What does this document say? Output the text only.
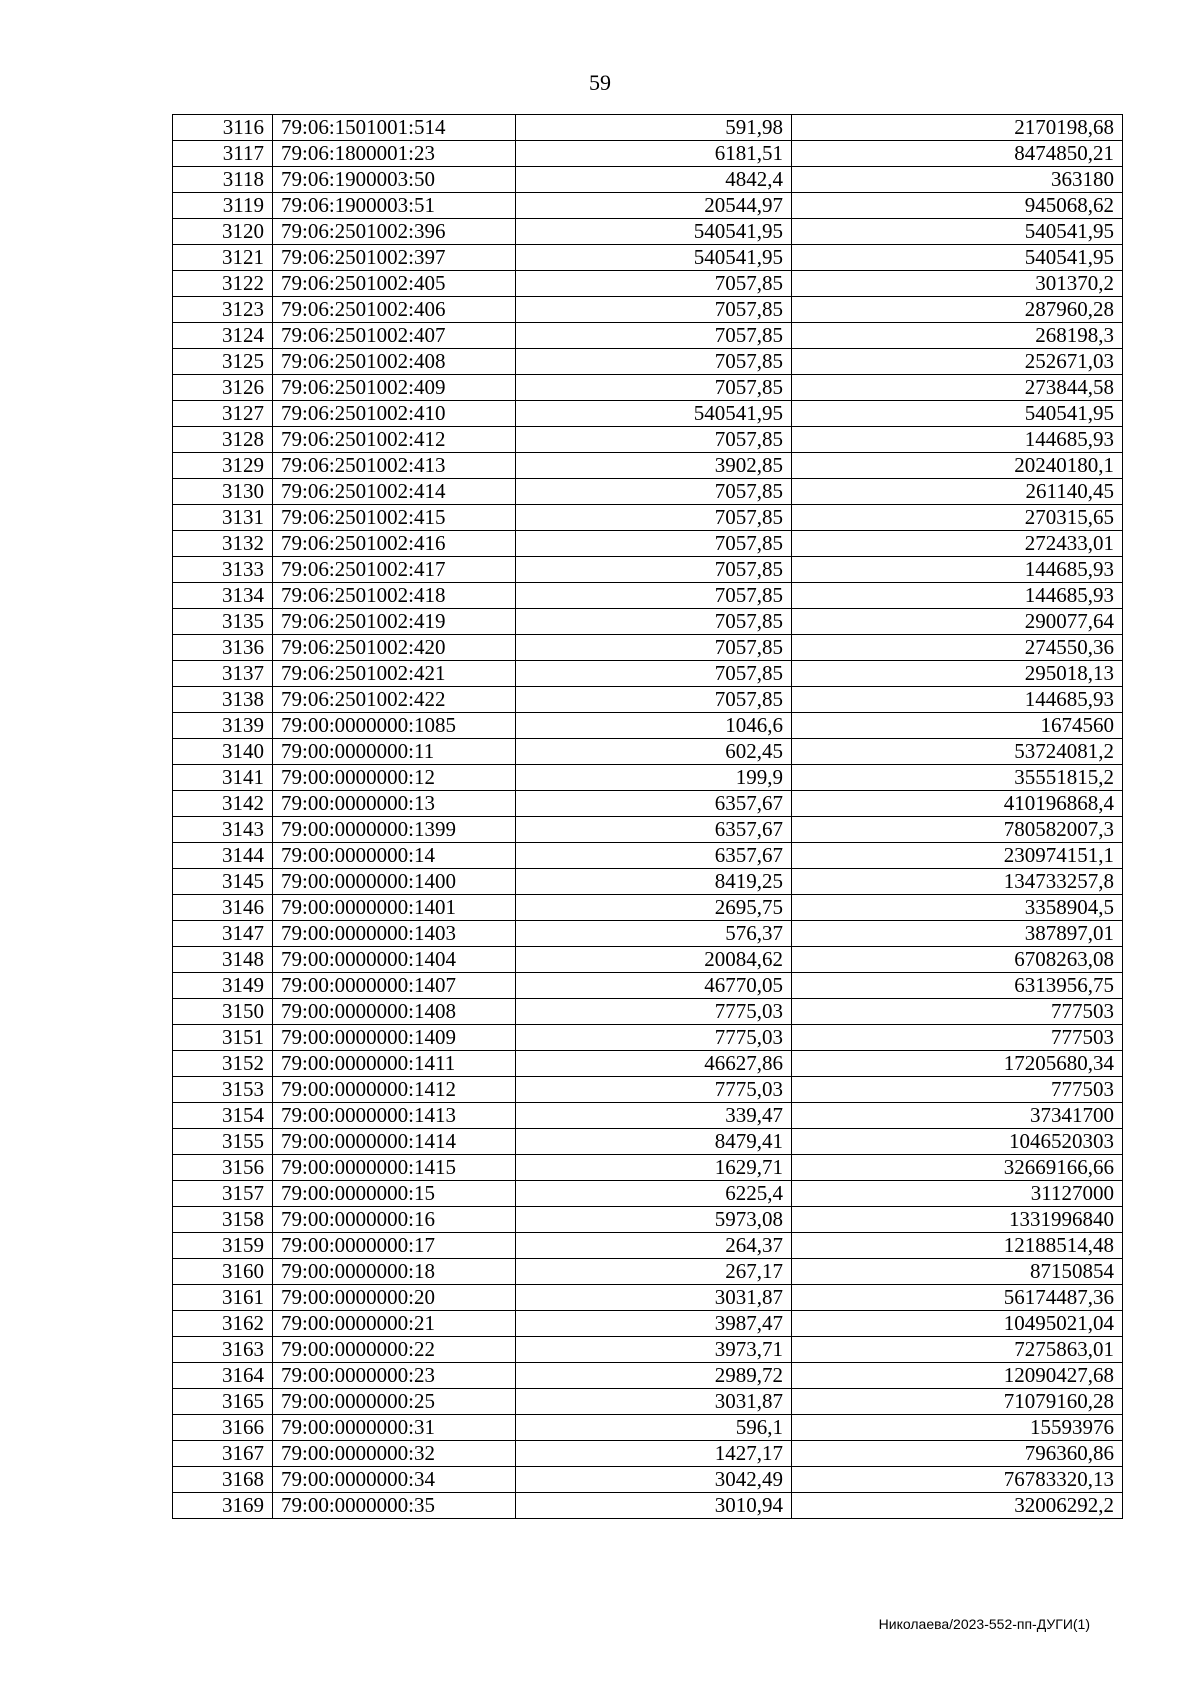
59
3116	79:06:1501001:514	591,98	2170198,68
3117	79:06:1800001:23	6181,51	8474850,21
3118	79:06:1900003:50	4842,4	363180
3119	79:06:1900003:51	20544,97	945068,62
3120	79:06:2501002:396	540541,95	540541,95
3121	79:06:2501002:397	540541,95	540541,95
3122	79:06:2501002:405	7057,85	301370,2
3123	79:06:2501002:406	7057,85	287960,28
3124	79:06:2501002:407	7057,85	268198,3
3125	79:06:2501002:408	7057,85	252671,03
3126	79:06:2501002:409	7057,85	273844,58
3127	79:06:2501002:410	540541,95	540541,95
3128	79:06:2501002:412	7057,85	144685,93
3129	79:06:2501002:413	3902,85	20240180,1
3130	79:06:2501002:414	7057,85	261140,45
3131	79:06:2501002:415	7057,85	270315,65
3132	79:06:2501002:416	7057,85	272433,01
3133	79:06:2501002:417	7057,85	144685,93
3134	79:06:2501002:418	7057,85	144685,93
3135	79:06:2501002:419	7057,85	290077,64
3136	79:06:2501002:420	7057,85	274550,36
3137	79:06:2501002:421	7057,85	295018,13
3138	79:06:2501002:422	7057,85	144685,93
3139	79:00:0000000:1085	1046,6	1674560
3140	79:00:0000000:11	602,45	53724081,2
3141	79:00:0000000:12	199,9	35551815,2
3142	79:00:0000000:13	6357,67	410196868,4
3143	79:00:0000000:1399	6357,67	780582007,3
3144	79:00:0000000:14	6357,67	230974151,1
3145	79:00:0000000:1400	8419,25	134733257,8
3146	79:00:0000000:1401	2695,75	3358904,5
3147	79:00:0000000:1403	576,37	387897,01
3148	79:00:0000000:1404	20084,62	6708263,08
3149	79:00:0000000:1407	46770,05	6313956,75
3150	79:00:0000000:1408	7775,03	777503
3151	79:00:0000000:1409	7775,03	777503
3152	79:00:0000000:1411	46627,86	17205680,34
3153	79:00:0000000:1412	7775,03	777503
3154	79:00:0000000:1413	339,47	37341700
3155	79:00:0000000:1414	8479,41	1046520303
3156	79:00:0000000:1415	1629,71	32669166,66
3157	79:00:0000000:15	6225,4	31127000
3158	79:00:0000000:16	5973,08	1331996840
3159	79:00:0000000:17	264,37	12188514,48
3160	79:00:0000000:18	267,17	87150854
3161	79:00:0000000:20	3031,87	56174487,36
3162	79:00:0000000:21	3987,47	10495021,04
3163	79:00:0000000:22	3973,71	7275863,01
3164	79:00:0000000:23	2989,72	12090427,68
3165	79:00:0000000:25	3031,87	71079160,28
3166	79:00:0000000:31	596,1	15593976
3167	79:00:0000000:32	1427,17	796360,86
3168	79:00:0000000:34	3042,49	76783320,13
3169	79:00:0000000:35	3010,94	32006292,2
Николаева/2023-552-пп-ДУГИ(1)
